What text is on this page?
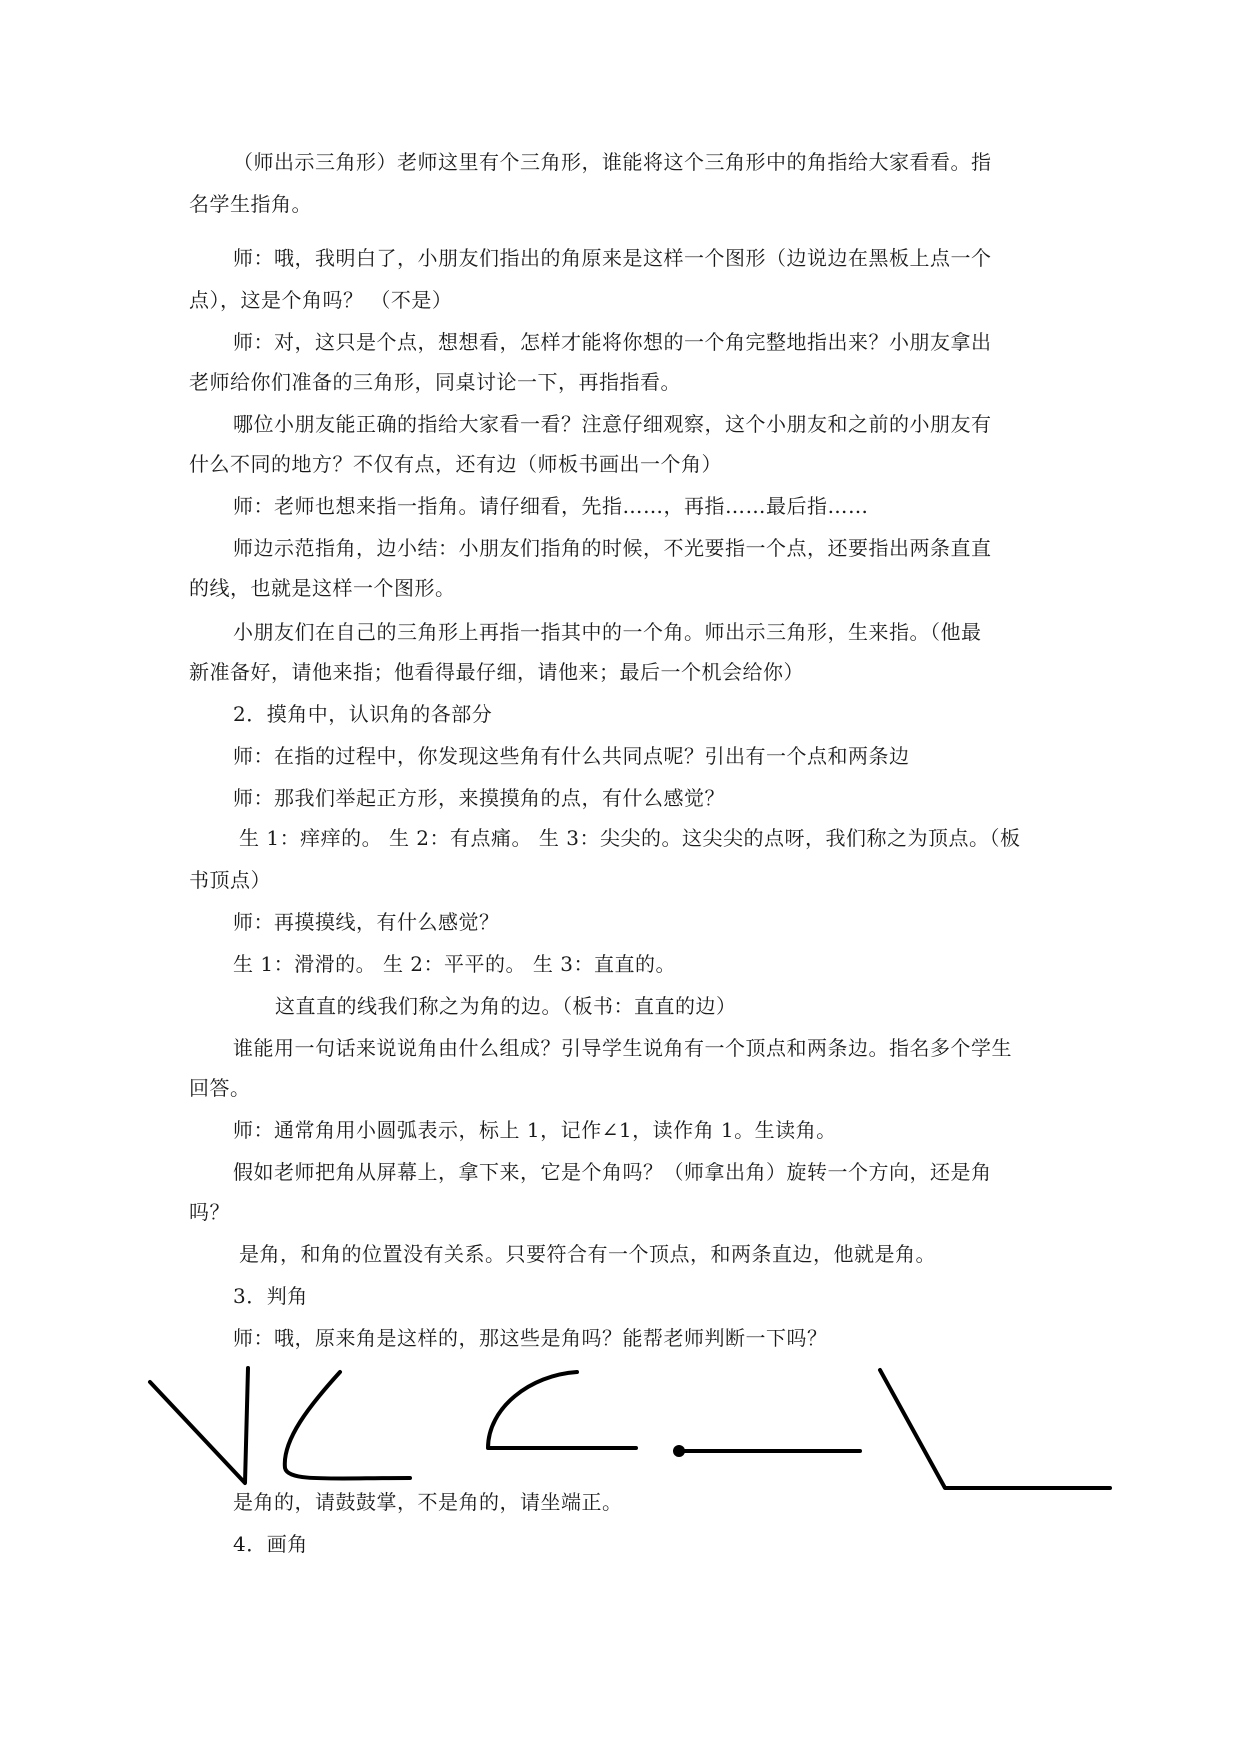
（师出示三角形）老师这里有个三角形，谁能将这个三角形中的角指给大家看看。指
名学生指角。
师：哦，我明白了，小朋友们指出的角原来是这样一个图形（边说边在黑板上点一个
点），这是个角吗？ （不是）
师：对，这只是个点，想想看，怎样才能将你想的一个角完整地指出来？小朋友拿出
老师给你们准备的三角形，同桌讨论一下，再指指看。
哪位小朋友能正确的指给大家看一看？注意仔细观察，这个小朋友和之前的小朋友有
什么不同的地方？不仅有点，还有边（师板书画出一个角）
师：老师也想来指一指角。请仔细看，先指……，再指……最后指……
师边示范指角，边小结：小朋友们指角的时候，不光要指一个点，还要指出两条直直
的线，也就是这样一个图形。
小朋友们在自己的三角形上再指一指其中的一个角。师出示三角形，生来指。（他最
新准备好，请他来指；他看得最仔细，请他来；最后一个机会给你）
2．摸角中，认识角的各部分
师：在指的过程中，你发现这些角有什么共同点呢？引出有一个点和两条边
师：那我们举起正方形，来摸摸角的点，有什么感觉？
生 1：痒痒的。 生 2：有点痛。 生 3：尖尖的。这尖尖的点呀，我们称之为顶点。（板
书顶点）
师：再摸摸线，有什么感觉？
生 1：滑滑的。 生 2：平平的。 生 3：直直的。
这直直的线我们称之为角的边。（板书：直直的边）
谁能用一句话来说说角由什么组成？引导学生说角有一个顶点和两条边。指名多个学生
回答。
师：通常角用小圆弧表示，标上 1，记作∠1，读作角 1。生读角。
假如老师把角从屏幕上，拿下来，它是个角吗？（师拿出角）旋转一个方向，还是角
吗？
是角，和角的位置没有关系。只要符合有一个顶点，和两条直边，他就是角。
3．判角
师：哦，原来角是这样的，那这些是角吗？能帮老师判断一下吗？
是角的，请鼓鼓掌，不是角的，请坐端正。
4．画角
